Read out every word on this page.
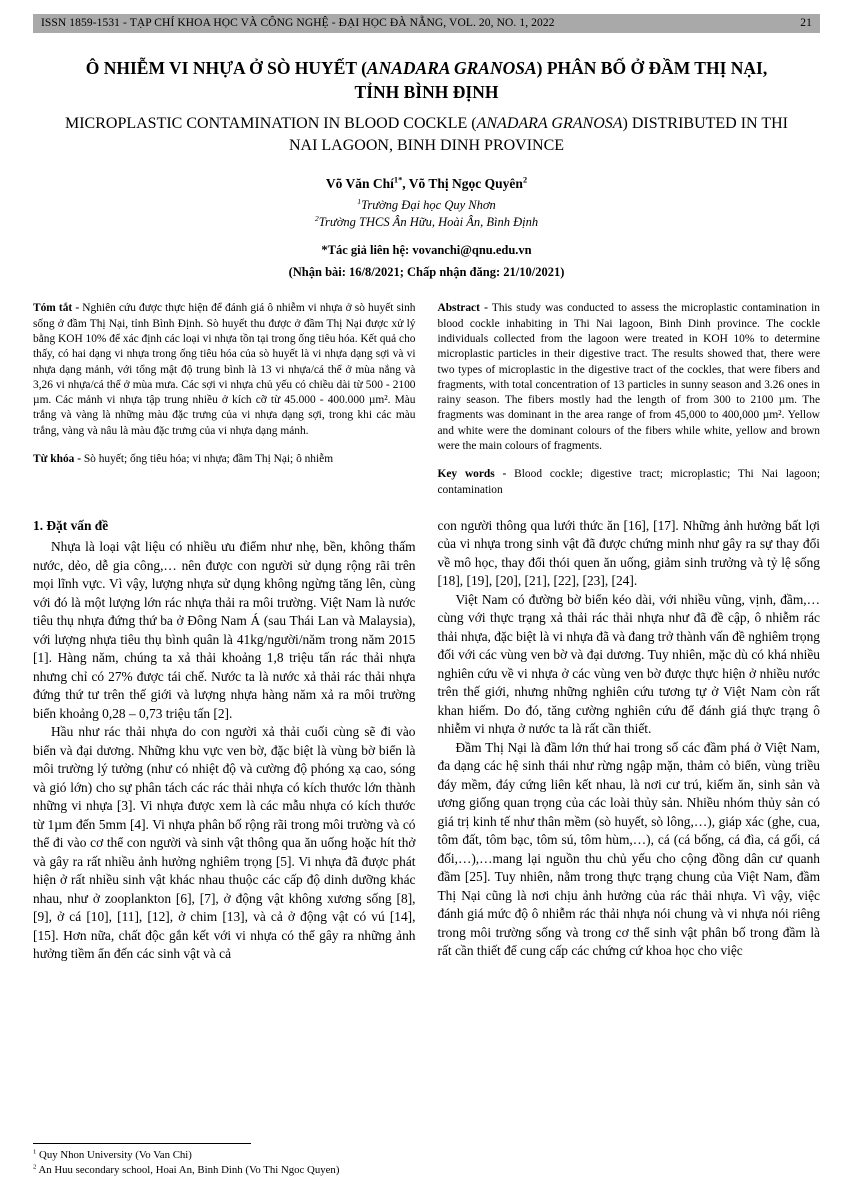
ISSN 1859-1531 - TẠP CHÍ KHOA HỌC VÀ CÔNG NGHỆ - ĐẠI HỌC ĐÀ NẴNG, VOL. 20, NO. 1, 2022	21
Ô NHIỄM VI NHỰA Ở SÒ HUYẾT (ANADARA GRANOSA) PHÂN BỐ Ở ĐẦM THỊ NẠI, TỈNH BÌNH ĐỊNH
MICROPLASTIC CONTAMINATION IN BLOOD COCKLE (ANADARA GRANOSA) DISTRIBUTED IN THI NAI LAGOON, BINH DINH PROVINCE
Võ Văn Chí$^{1*}$, Võ Thị Ngọc Quyên$^2$
$^1$Trường Đại học Quy Nhơn
$^2$Trường THCS Ân Hữu, Hoài Ân, Bình Định
*Tác giả liên hệ: vovanchi@qnu.edu.vn
(Nhận bài: 16/8/2021; Chấp nhận đăng: 21/10/2021)
Tóm tắt - Nghiên cứu được thực hiện để đánh giá ô nhiễm vi nhựa ở sò huyết sinh sống ở đầm Thị Nại, tỉnh Bình Định. Sò huyết thu được ở đầm Thị Nại được xử lý bằng KOH 10% để xác định các loại vi nhựa tồn tại trong ống tiêu hóa. Kết quả cho thấy, có hai dạng vi nhựa trong ống tiêu hóa của sò huyết là vi nhựa dạng sợi và vi nhựa dạng mảnh, với tổng mật độ trung bình là 13 vi nhựa/cá thể ở mùa nắng và 3,26 vi nhựa/cá thể ở mùa mưa. Các sợi vi nhựa chủ yếu có chiều dài từ 500 - 2100 µm. Các mảnh vi nhựa tập trung nhiều ở kích cỡ từ 45.000 - 400.000 µm². Màu trắng và vàng là những màu đặc trưng của vi nhựa dạng sợi, trong khi các màu trắng, vàng và nâu là màu đặc trưng của vi nhựa dạng mảnh.
Từ khóa - Sò huyết; ống tiêu hóa; vi nhựa; đầm Thị Nại; ô nhiễm
Abstract - This study was conducted to assess the microplastic contamination in blood cockle inhabiting in Thi Nai lagoon, Binh Dinh province. The cockle individuals collected from the lagoon were treated in KOH 10% to determine microplastic particles in their digestive tract. The results showed that, there were two types of microplastic in the digestive tract of the cockles, that were fibers and fragments, with total concentration of 13 particles in sunny season and 3.26 ones in rainy season. The fibers mostly had the length of from 300 to 2100 µm. The fragments was dominant in the area range of from 45,000 to 400,000 µm². Yellow and white were the dominant colours of the fibers while white, yellow and brown were the main colours of fragments.
Key words - Blood cockle; digestive tract; microplastic; Thi Nai lagoon; contamination
1. Đặt vấn đề

Nhựa là loại vật liệu có nhiều ưu điểm như nhẹ, bền, không thấm nước, dẻo, dễ gia công,… nên được con người sử dụng rộng rãi trên mọi lĩnh vực. Vì vậy, lượng nhựa sử dụng không ngừng tăng lên, cùng với đó là một lượng lớn rác nhựa thải ra môi trường. Việt Nam là nước tiêu thụ nhựa đứng thứ ba ở Đông Nam Á (sau Thái Lan và Malaysia), với lượng nhựa tiêu thụ bình quân là 41kg/người/năm trong năm 2015 [1]. Hàng năm, chúng ta xả thải khoảng 1,8 triệu tấn rác thải nhựa nhưng chỉ có 27% được tái chế. Nước ta là nước xả thải rác thải nhựa đứng thứ tư trên thế giới và lượng nhựa hàng năm xả ra môi trường biển khoảng 0,28 – 0,73 triệu tấn [2].

Hầu như rác thải nhựa do con người xả thải cuối cùng sẽ đi vào biển và đại dương. Những khu vực ven bờ, đặc biệt là vùng bờ biển là môi trường lý tưởng (như có nhiệt độ và cường độ phóng xạ cao, sóng và gió lớn) cho sự phân tách các rác thải nhựa có kích thước lớn thành những vi nhựa [3]. Vi nhựa được xem là các mẫu nhựa có kích thước từ 1µm đến 5mm [4]. Vi nhựa phân bố rộng rãi trong môi trường và có thể đi vào cơ thể con người và sinh vật thông qua ăn uống hoặc hít thở và gây ra rất nhiều ảnh hưởng nghiêm trọng [5]. Vi nhựa đã được phát hiện ở rất nhiều sinh vật khác nhau thuộc các cấp độ dinh dưỡng khác nhau, như ở zooplankton [6], [7], ở động vật không xương sống [8], [9], ở cá [10], [11], [12], ở chim [13], và cả ở động vật có vú [14], [15]. Hơn nữa, chất độc gắn kết với vi nhựa có thể gây ra những ảnh hưởng tiềm ẩn đến các sinh vật và cả

con người thông qua lưới thức ăn [16], [17]. Những ảnh hưởng bất lợi của vi nhựa trong sinh vật đã được chứng minh như gây ra sự thay đổi về mô học, thay đổi thói quen ăn uống, giảm sinh trưởng và tỷ lệ sống [18], [19], [20], [21], [22], [23], [24].

Việt Nam có đường bờ biển kéo dài, với nhiều vũng, vịnh, đầm,…cùng với thực trạng xả thải rác thải nhựa như đã đề cập, ô nhiễm rác thải nhựa, đặc biệt là vi nhựa đã và đang trở thành vấn đề nghiêm trọng đối với các vùng ven bờ và đại dương. Tuy nhiên, mặc dù có khá nhiều nghiên cứu về vi nhựa ở các vùng ven bờ được thực hiện ở nhiều nước trên thế giới, nhưng những nghiên cứu tương tự ở Việt Nam còn rất khan hiếm. Do đó, tăng cường nghiên cứu để đánh giá thực trạng ô nhiễm vi nhựa ở nước ta là rất cần thiết.

Đầm Thị Nại là đầm lớn thứ hai trong số các đầm phá ở Việt Nam, đa dạng các hệ sinh thái như rừng ngập mặn, thảm cỏ biển, vùng triều đáy mềm, đáy cứng liên kết nhau, là nơi cư trú, kiếm ăn, sinh sản và ương giống quan trọng của các loài thủy sản. Nhiều nhóm thủy sản có giá trị kinh tế như thân mềm (sò huyết, sò lông,…), giáp xác (ghe, cua, tôm đất, tôm bạc, tôm sú, tôm hùm,…), cá (cá bống, cá đìa, cá gối, cá đối,…),…mang lại nguồn thu chủ yếu cho cộng đồng dân cư quanh đầm [25]. Tuy nhiên, nằm trong thực trạng chung của Việt Nam, đầm Thị Nại cũng là nơi chịu ảnh hưởng của rác thải nhựa. Vì vậy, việc đánh giá mức độ ô nhiễm rác thải nhựa nói chung và vi nhựa nói riêng trong môi trường sống và trong cơ thể sinh vật phân bố trong đầm là rất cần thiết để cung cấp các chứng cứ khoa học cho việc

$^1$ Quy Nhon University (Vo Van Chi)
$^2$ An Huu secondary school, Hoai An, Binh Dinh (Vo Thi Ngoc Quyen)
